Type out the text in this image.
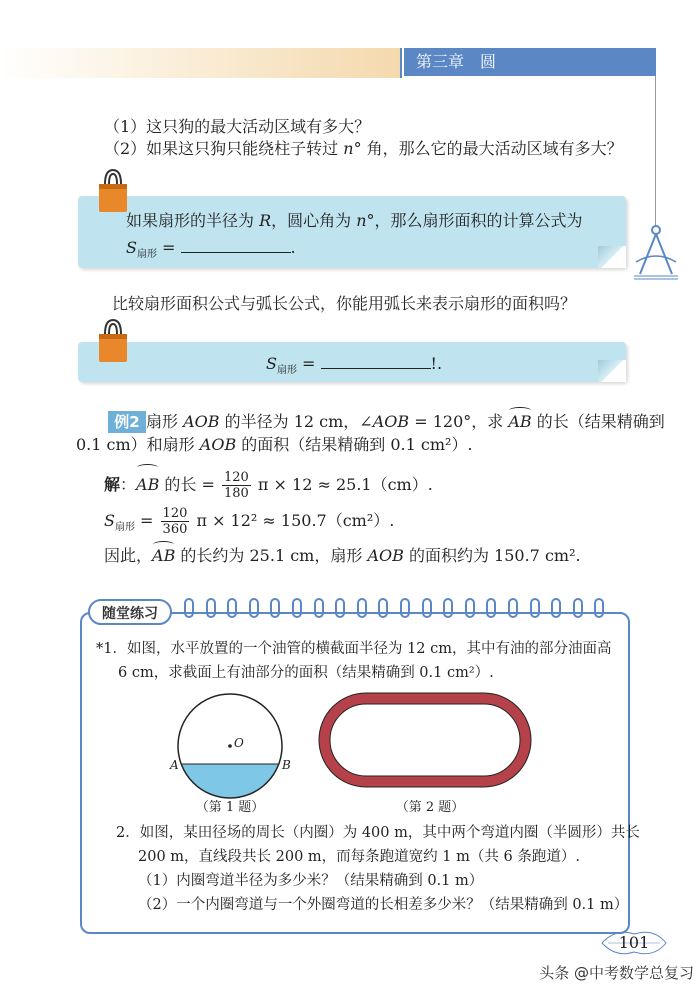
第三章　圆
（1）这只狗的最大活动区域有多大？
（2）如果这只狗只能绕柱子转过 n° 角，那么它的最大活动区域有多大？
如果扇形的半径为 R，圆心角为 n°，那么扇形面积的计算公式为
$S_{扇形}$ =	.
比较扇形面积公式与弧长公式，你能用弧长来表示扇形的面积吗？
$S_{扇形}$ =	!.
例2 扇形 AOB 的半径为 12 cm，∠AOB = 120°，求 AB 的长（结果精确到
0.1 cm）和扇形 AOB 的面积（结果精确到 0.1 cm²）.
解：AB 的长 = $\frac{120}{180}$ π × 12 ≈ 25.1（cm）.
$S_{扇形} = \frac{120}{360}$ π × 12² ≈ 150.7（cm²）.
因此，AB 的长约为 25.1 cm，扇形 AOB 的面积约为 150.7 cm².
随堂练习
*1．如图，水平放置的一个油管的横截面半径为 12 cm，其中有油的部分油面高
6 cm，求截面上有油部分的面积（结果精确到 0.1 cm²）.
O
A	B
（第 1 题）	（第 2 题）
2．如图，某田径场的周长（内圈）为 400 m，其中两个弯道内圈（半圆形）共长
200 m，直线段共长 200 m，而每条跑道宽约 1 m（共 6 条跑道）.
（1）内圈弯道半径为多少米？（结果精确到 0.1 m）
（2）一个内圈弯道与一个外圈弯道的长相差多少米？（结果精确到 0.1 m）
101
头条 @中考数学总复习
